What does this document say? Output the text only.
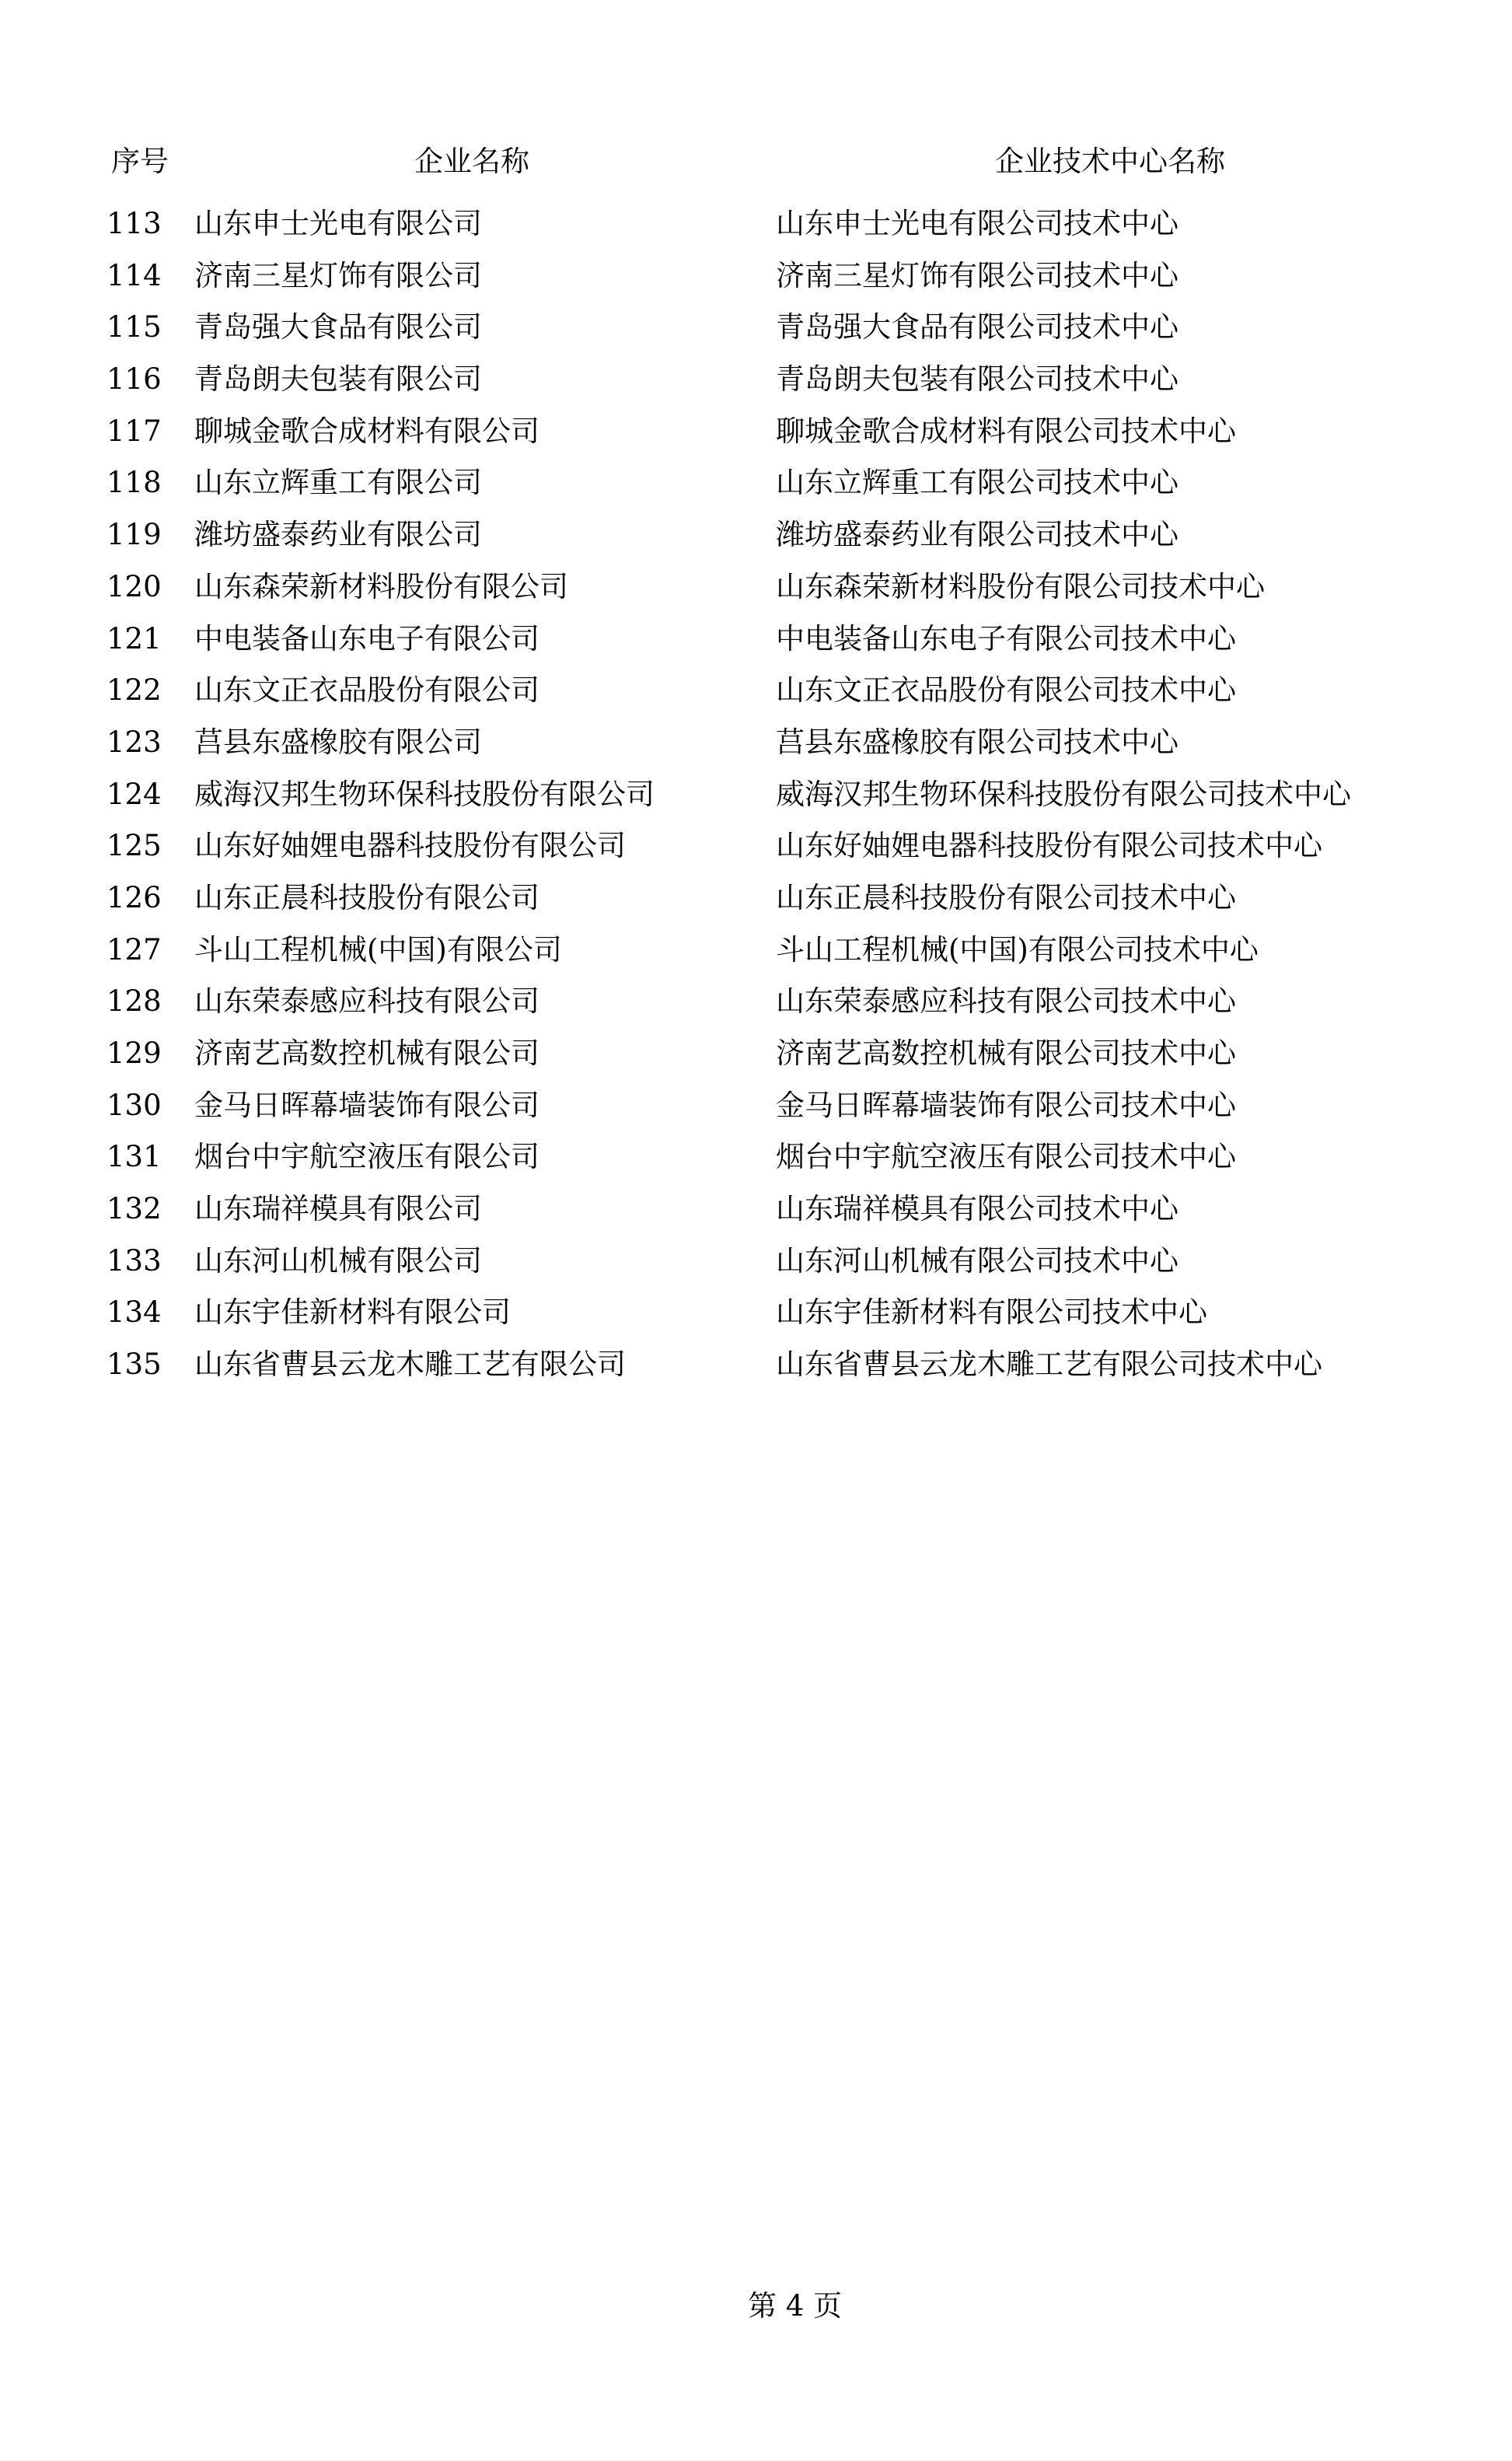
序号	企业名称	企业技术中心名称
113 山东申士光电有限公司	山东申士光电有限公司技术中心
114 济南三星灯饰有限公司	济南三星灯饰有限公司技术中心
115 青岛强大食品有限公司	青岛强大食品有限公司技术中心
116 青岛朗夫包装有限公司	青岛朗夫包装有限公司技术中心
117 聊城金歌合成材料有限公司	聊城金歌合成材料有限公司技术中心
118 山东立辉重工有限公司	山东立辉重工有限公司技术中心
119 潍坊盛泰药业有限公司	潍坊盛泰药业有限公司技术中心
120 山东森荣新材料股份有限公司	山东森荣新材料股份有限公司技术中心
121 中电装备山东电子有限公司	中电装备山东电子有限公司技术中心
122 山东文正衣品股份有限公司	山东文正衣品股份有限公司技术中心
123 莒县东盛橡胶有限公司	莒县东盛橡胶有限公司技术中心
124 威海汉邦生物环保科技股份有限公司	威海汉邦生物环保科技股份有限公司技术中心
125 山东好妯娌电器科技股份有限公司	山东好妯娌电器科技股份有限公司技术中心
126 山东正晨科技股份有限公司	山东正晨科技股份有限公司技术中心
127 斗山工程机械(中国)有限公司	斗山工程机械(中国)有限公司技术中心
128 山东荣泰感应科技有限公司	山东荣泰感应科技有限公司技术中心
129 济南艺高数控机械有限公司	济南艺高数控机械有限公司技术中心
130 金马日晖幕墙装饰有限公司	金马日晖幕墙装饰有限公司技术中心
131 烟台中宇航空液压有限公司	烟台中宇航空液压有限公司技术中心
132 山东瑞祥模具有限公司	山东瑞祥模具有限公司技术中心
133 山东河山机械有限公司	山东河山机械有限公司技术中心
134 山东宇佳新材料有限公司	山东宇佳新材料有限公司技术中心
135 山东省曹县云龙木雕工艺有限公司	山东省曹县云龙木雕工艺有限公司技术中心
第 4 页
